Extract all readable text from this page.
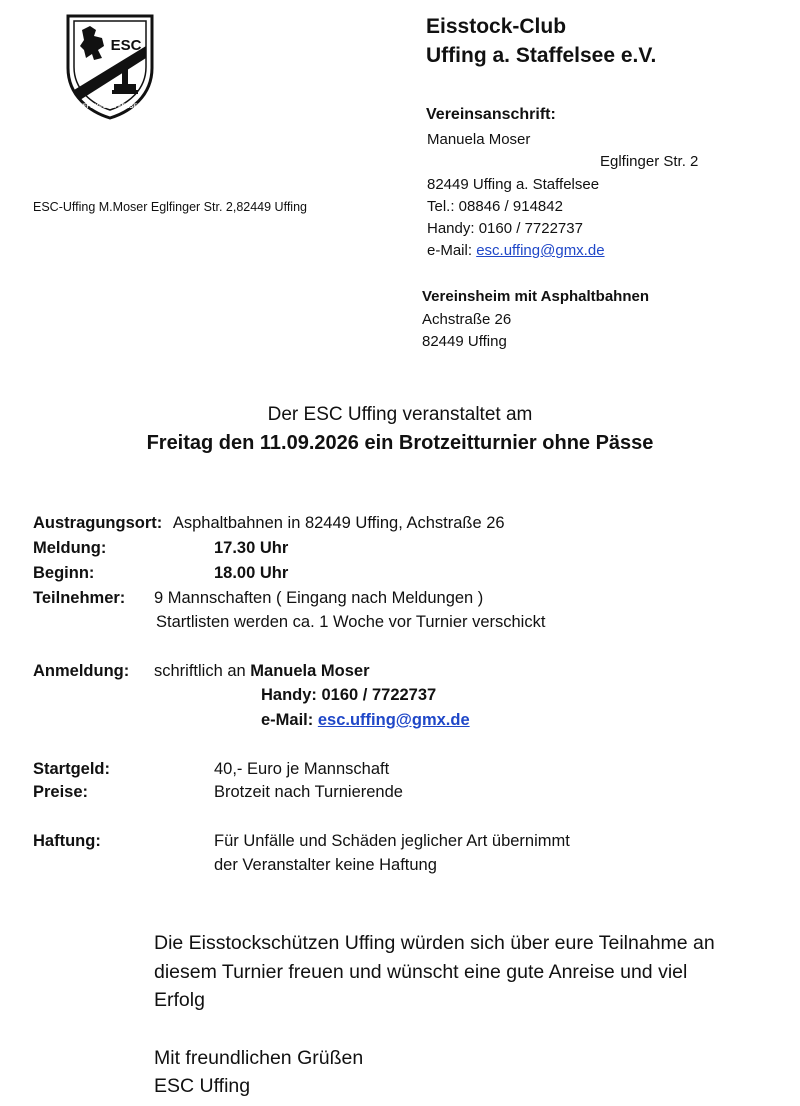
ESC
UFFING-STAFFELSEE
Eisstock-Club
Uffing a. Staffelsee e.V.
Vereinsanschrift:
Manuela Moser
Eglfinger Str. 2
82449 Uffing a. Staffelsee
Tel.: 08846 / 914842
Handy: 0160 / 7722737
e-Mail: esc.uffing@gmx.de
Vereinsheim mit Asphaltbahnen
Achstraße 26
82449 Uffing
ESC-Uffing M.Moser Eglfinger Str. 2,82449 Uffing
Der ESC Uffing veranstaltet am
Freitag den 11.09.2026 ein Brotzeitturnier ohne Pässe
Austragungsort: Asphaltbahnen in 82449 Uffing, Achstraße 26
Meldung:	17.30 Uhr
Beginn:	18.00 Uhr
Teilnehmer: 9 Mannschaften ( Eingang nach Meldungen )
Startlisten werden ca. 1 Woche vor Turnier verschickt
Anmeldung: schriftlich an Manuela Moser
Handy: 0160 / 7722737
e-Mail: esc.uffing@gmx.de
Startgeld:	40,- Euro je Mannschaft
Preise:	Brotzeit nach Turnierende
Haftung:	Für Unfälle und Schäden jeglicher Art übernimmt
der Veranstalter keine Haftung
Die Eisstockschützen Uffing würden sich über eure Teilnahme an
diesem Turnier freuen und wünscht eine gute Anreise und viel
Erfolg
Mit freundlichen Grüßen
ESC Uffing
